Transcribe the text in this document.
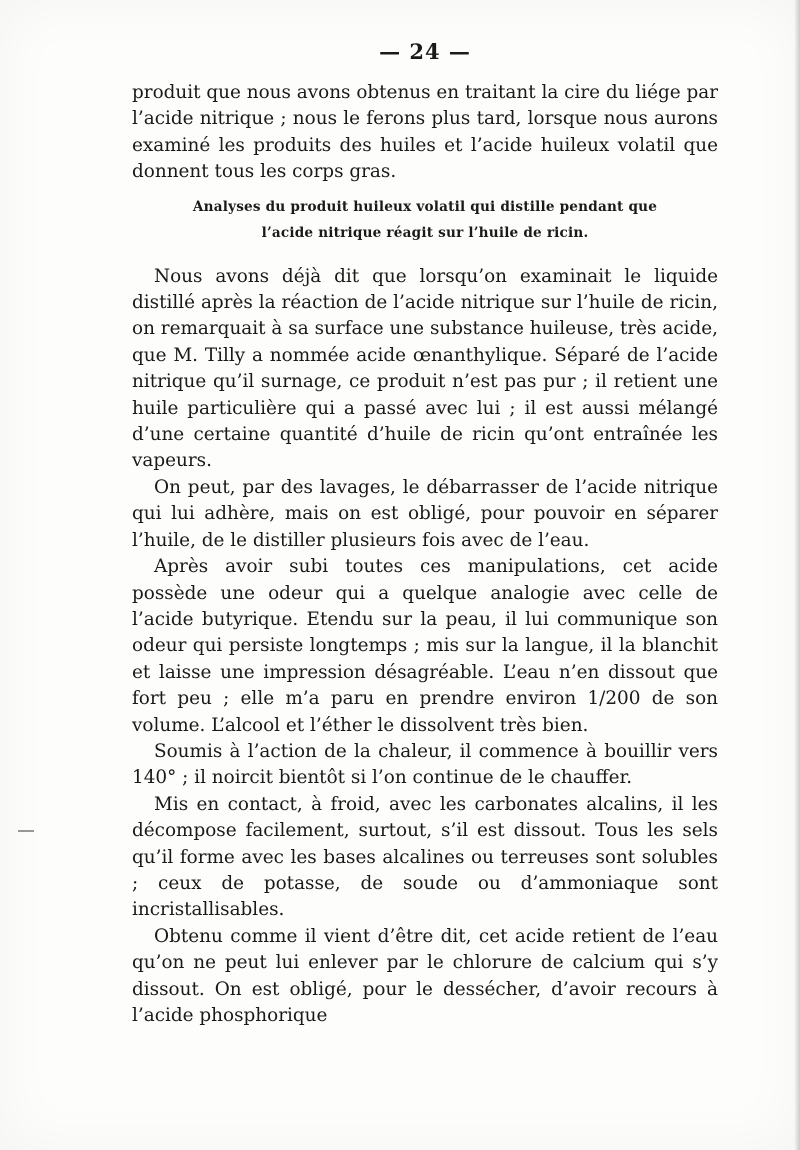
— 24 —

produit que nous avons obtenus en traitant la cire du liége par l’acide nitrique ; nous le ferons plus tard, lorsque nous aurons examiné les produits des huiles et l’acide huileux volatil que donnent tous les corps gras.

Analyses du produit huileux volatil qui distille pendant que
l’acide nitrique réagit sur l’huile de ricin.

Nous avons déjà dit que lorsqu’on examinait le liquide distillé après la réaction de l’acide nitrique sur l’huile de ricin, on remarquait à sa surface une substance huileuse, très acide, que M. Tilly a nommée acide œnanthylique. Séparé de l’acide nitrique qu’il surnage, ce produit n’est pas pur ; il retient une huile particulière qui a passé avec lui ; il est aussi mélangé d’une certaine quantité d’huile de ricin qu’ont entraînée les vapeurs.

On peut, par des lavages, le débarrasser de l’acide nitrique qui lui adhère, mais on est obligé, pour pouvoir en séparer l’huile, de le distiller plusieurs fois avec de l’eau.

Après avoir subi toutes ces manipulations, cet acide possède une odeur qui a quelque analogie avec celle de l’acide butyrique. Etendu sur la peau, il lui communique son odeur qui persiste longtemps ; mis sur la langue, il la blanchit et laisse une impression désagréable. L’eau n’en dissout que fort peu ; elle m’a paru en prendre environ 1/200 de son volume. L’alcool et l’éther le dissolvent très bien.

Soumis à l’action de la chaleur, il commence à bouillir vers 140° ; il noircit bientôt si l’on continue de le chauffer.

Mis en contact, à froid, avec les carbonates alcalins, il les décompose facilement, surtout, s’il est dissout. Tous les sels qu’il forme avec les bases alcalines ou terreuses sont solubles ; ceux de potasse, de soude ou d’ammoniaque sont incristallisables.

Obtenu comme il vient d’être dit, cet acide retient de l’eau qu’on ne peut lui enlever par le chlorure de calcium qui s’y dissout. On est obligé, pour le dessécher, d’avoir recours à l’acide phosphorique
